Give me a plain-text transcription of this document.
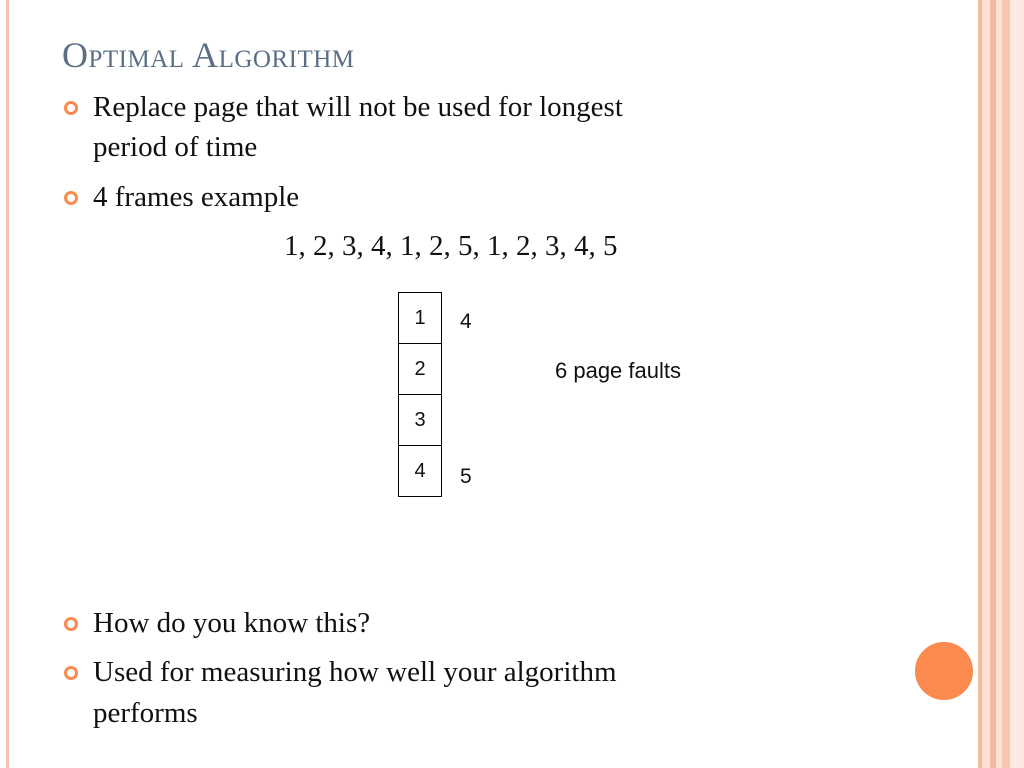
Optimal Algorithm
Replace page that will not be used for longest
period of time
4 frames example
1, 2, 3, 4, 1, 2, 5, 1, 2, 3, 4, 5
1
2
3
4
4
5
6 page faults
How do you know this?
Used for measuring how well your algorithm
performs
